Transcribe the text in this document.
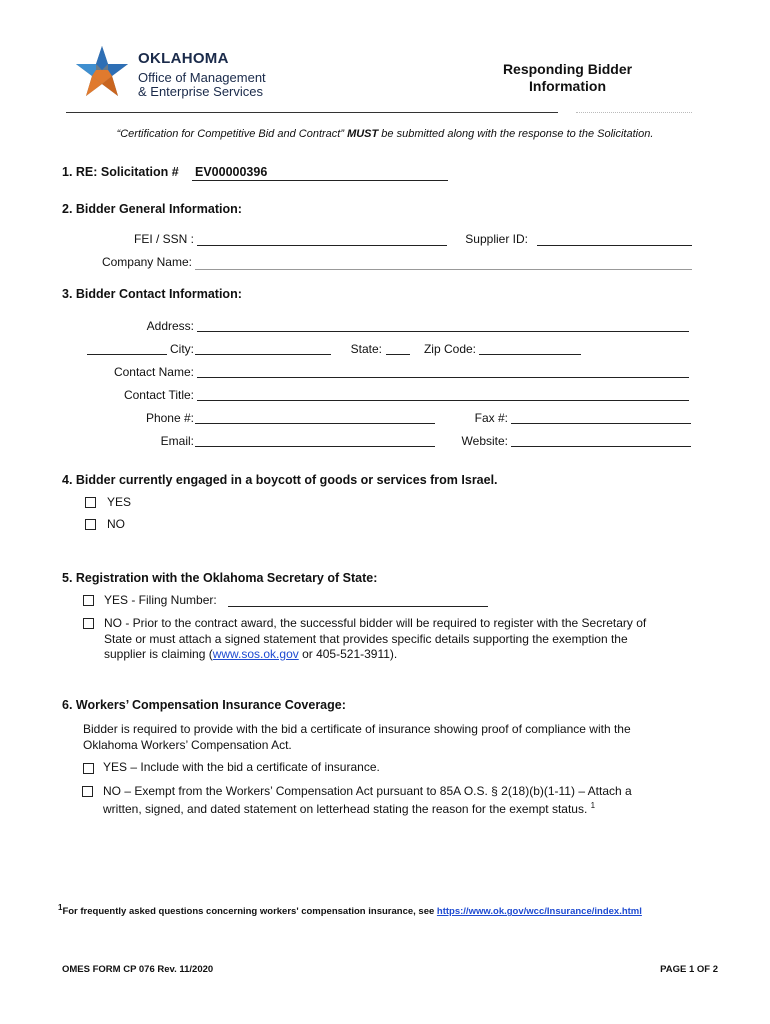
OKLAHOMA
Office of Management
& Enterprise Services
Responding Bidder
Information
“Certification for Competitive Bid and Contract” MUST be submitted along with the response to the Solicitation.
1. RE: Solicitation # EV00000396
2. Bidder General Information:
FEI / SSN :	Supplier ID:
Company Name:
3. Bidder Contact Information:
Address:
City:	State:	Zip Code:
Contact Name:
Contact Title:
Phone #:	Fax #:
Email:	Website:
4. Bidder currently engaged in a boycott of goods or services from Israel.
YES
NO
5. Registration with the Oklahoma Secretary of State:
YES - Filing Number:
NO - Prior to the contract award, the successful bidder will be required to register with the Secretary of
State or must attach a signed statement that provides specific details supporting the exemption the
supplier is claiming (www.sos.ok.gov or 405-521-3911).
6. Workers’ Compensation Insurance Coverage:
Bidder is required to provide with the bid a certificate of insurance showing proof of compliance with the
Oklahoma Workers’ Compensation Act.
YES – Include with the bid a certificate of insurance.
NO – Exempt from the Workers’ Compensation Act pursuant to 85A O.S. § 2(18)(b)(1-11) – Attach a
written, signed, and dated statement on letterhead stating the reason for the exempt status. $^1$
$^1$For frequently asked questions concerning workers' compensation insurance, see https://www.ok.gov/wcc/Insurance/index.html
OMES FORM CP 076 Rev. 11/2020	PAGE 1 OF 2
